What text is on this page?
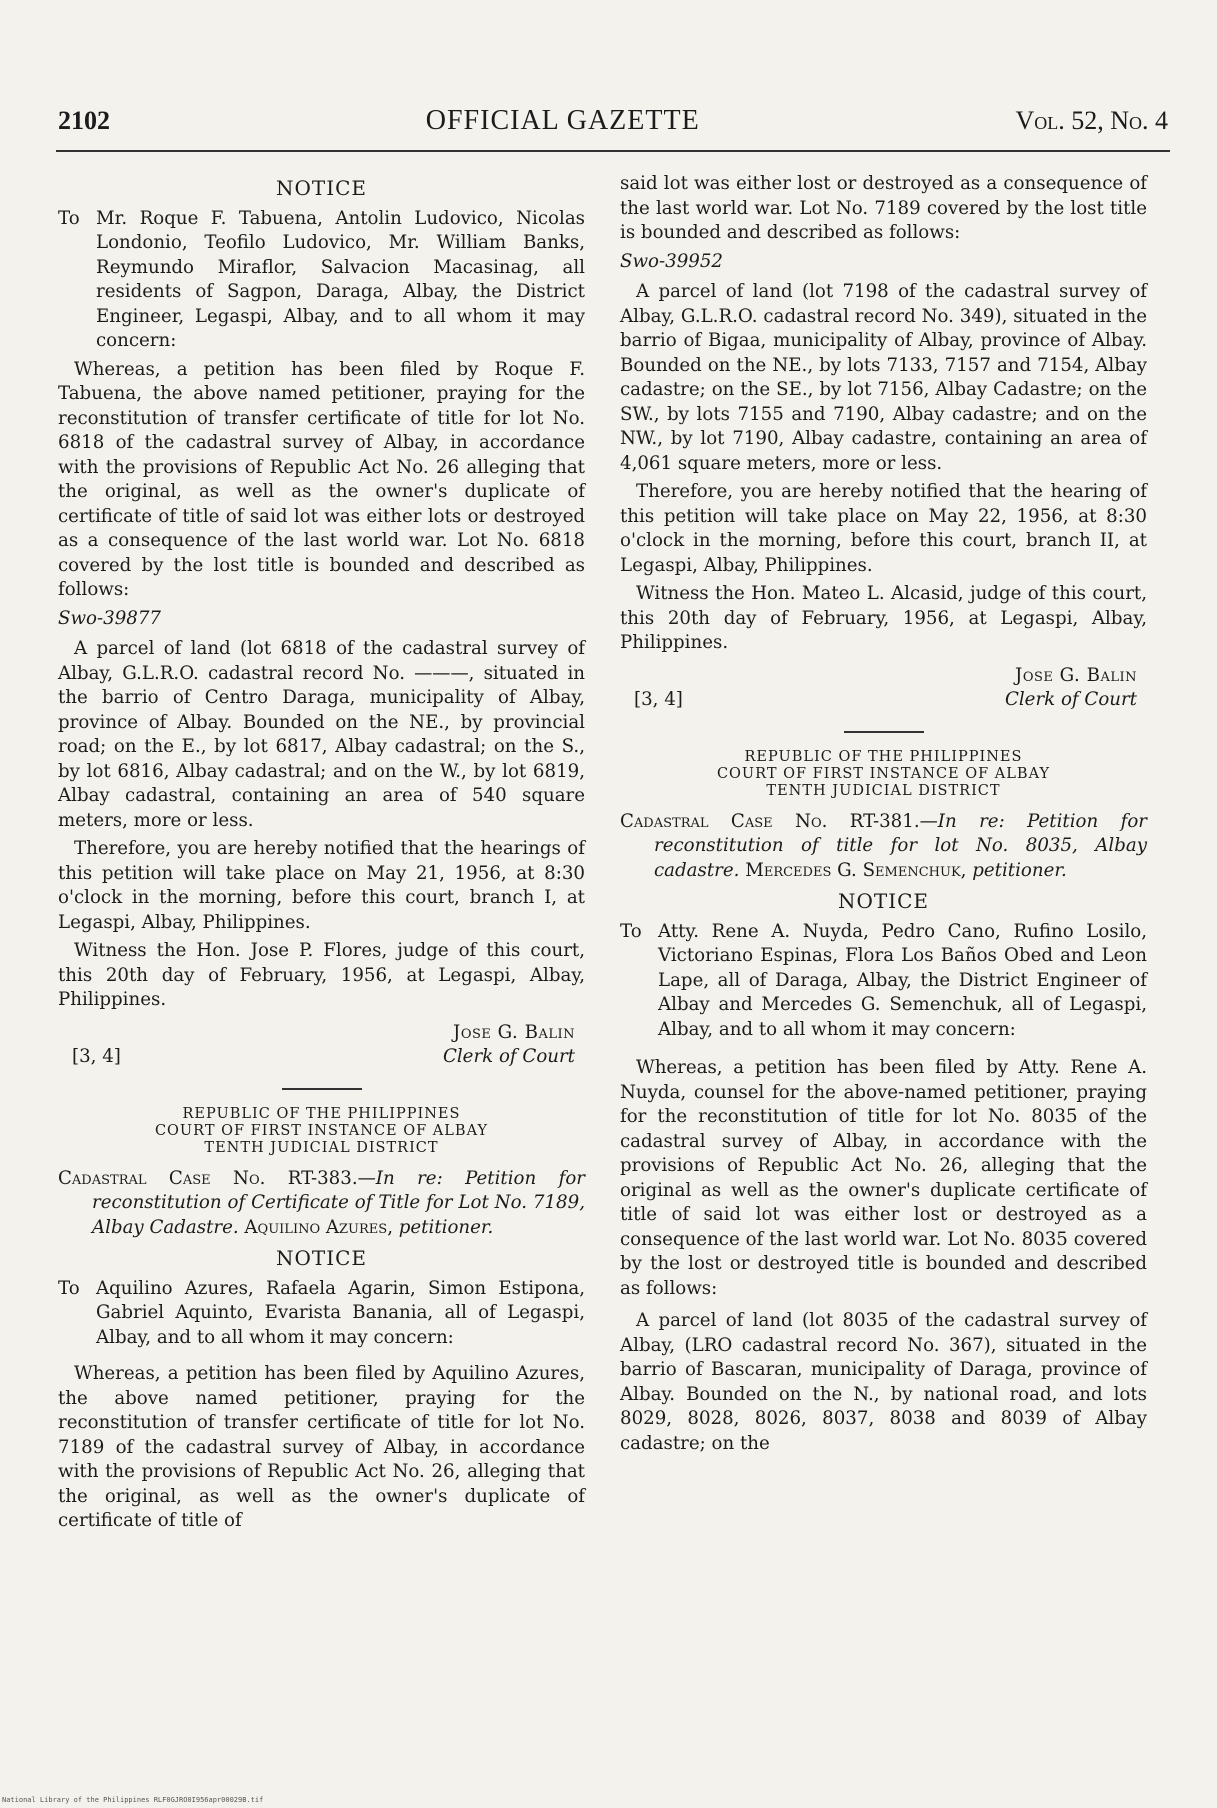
2102	OFFICIAL GAZETTE	Vol. 52, No. 4
NOTICE
To Mr. Roque F. Tabuena, Antolin Ludovico, Nicolas Londonio, Teofilo Ludovico, Mr. William Banks, Reymundo Miraflor, Salvacion Macasinag, all residents of Sagpon, Daraga, Albay, the District Engineer, Legaspi, Albay, and to all whom it may concern:

Whereas, a petition has been filed by Roque F. Tabuena, the above named petitioner, praying for the reconstitution of transfer certificate of title for lot No. 6818 of the cadastral survey of Albay, in accordance with the provisions of Republic Act No. 26 alleging that the original, as well as the owner's duplicate of certificate of title of said lot was either lots or destroyed as a consequence of the last world war. Lot No. 6818 covered by the lost title is bounded and described as follows:

Swo-39877

A parcel of land (lot 6818 of the cadastral survey of Albay, G.L.R.O. cadastral record No. ———, situated in the barrio of Centro Daraga, municipality of Albay, province of Albay. Bounded on the NE., by provincial road; on the E., by lot 6817, Albay cadastral; on the S., by lot 6816, Albay cadastral; and on the W., by lot 6819, Albay cadastral, containing an area of 540 square meters, more or less.

Therefore, you are hereby notified that the hearings of this petition will take place on May 21, 1956, at 8:30 o'clock in the morning, before this court, branch I, at Legaspi, Albay, Philippines.

Witness the Hon. Jose P. Flores, judge of this court, this 20th day of February, 1956, at Legaspi, Albay, Philippines.

[3, 4]
Jose G. Balin
Clerk of Court
REPUBLIC OF THE PHILIPPINES
COURT OF FIRST INSTANCE OF ALBAY
TENTH JUDICIAL DISTRICT

Cadastral Case No. RT-383.—In re: Petition for reconstitution of Certificate of Title for Lot No. 7189, Albay Cadastre. Aquilino Azures, petitioner.

NOTICE
To Aquilino Azures, Rafaela Agarin, Simon Estipona, Gabriel Aquinto, Evarista Banania, all of Legaspi, Albay, and to all whom it may concern:

Whereas, a petition has been filed by Aquilino Azures, the above named petitioner, praying for the reconstitution of transfer certificate of title for lot No. 7189 of the cadastral survey of Albay, in accordance with the provisions of Republic Act No. 26, alleging that the original, as well as the owner's duplicate of certificate of title of

said lot was either lost or destroyed as a consequence of the last world war. Lot No. 7189 covered by the lost title is bounded and described as follows:

Swo-39952

A parcel of land (lot 7198 of the cadastral survey of Albay, G.L.R.O. cadastral record No. 349), situated in the barrio of Bigaa, municipality of Albay, province of Albay. Bounded on the NE., by lots 7133, 7157 and 7154, Albay cadastre; on the SE., by lot 7156, Albay Cadastre; on the SW., by lots 7155 and 7190, Albay cadastre; and on the NW., by lot 7190, Albay cadastre, containing an area of 4,061 square meters, more or less.

Therefore, you are hereby notified that the hearing of this petition will take place on May 22, 1956, at 8:30 o'clock in the morning, before this court, branch II, at Legaspi, Albay, Philippines.

Witness the Hon. Mateo L. Alcasid, judge of this court, this 20th day of February, 1956, at Legaspi, Albay, Philippines.

[3, 4]
Jose G. Balin
Clerk of Court
REPUBLIC OF THE PHILIPPINES
COURT OF FIRST INSTANCE OF ALBAY
TENTH JUDICIAL DISTRICT

Cadastral Case No. RT-381.—In re: Petition for reconstitution of title for lot No. 8035, Albay cadastre. Mercedes G. Semenchuk, petitioner.

NOTICE
To Atty. Rene A. Nuyda, Pedro Cano, Rufino Losilo, Victoriano Espinas, Flora Los Baños Obed and Leon Lape, all of Daraga, Albay, the District Engineer of Albay and Mercedes G. Semenchuk, all of Legaspi, Albay, and to all whom it may concern:

Whereas, a petition has been filed by Atty. Rene A. Nuyda, counsel for the above-named petitioner, praying for the reconstitution of title for lot No. 8035 of the cadastral survey of Albay, in accordance with the provisions of Republic Act No. 26, alleging that the original as well as the owner's duplicate certificate of title of said lot was either lost or destroyed as a consequence of the last world war. Lot No. 8035 covered by the lost or destroyed title is bounded and described as follows:

A parcel of land (lot 8035 of the cadastral survey of Albay, (LRO cadastral record No. 367), situated in the barrio of Bascaran, municipality of Daraga, province of Albay. Bounded on the N., by national road, and lots 8029, 8028, 8026, 8037, 8038 and 8039 of Albay cadastre; on the

National Library of the Philippines RLF0GJRO0I956apr00029B.tif
